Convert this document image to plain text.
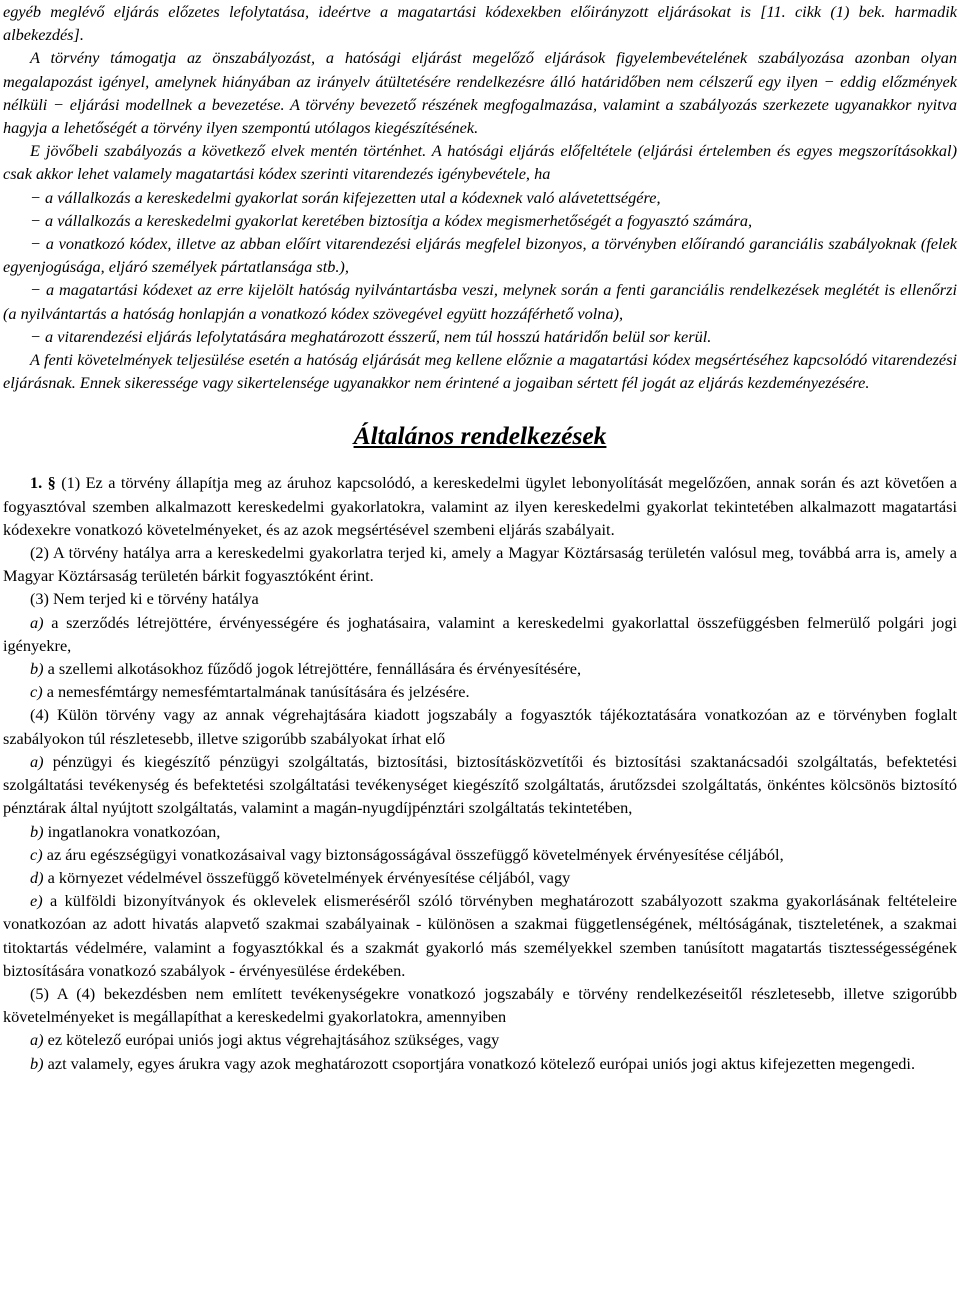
egyéb meglévő eljárás előzetes lefolytatása, ideértve a magatartási kódexekben előirányzott eljárásokat is [11. cikk (1) bek. harmadik albekezdés].

A törvény támogatja az önszabályozást, a hatósági eljárást megelőző eljárások figyelembevételének szabályozása azonban olyan megalapozást igényel, amelynek hiányában az irányelv átültetésére rendelkezésre álló határidőben nem célszerű egy ilyen − eddig előzmények nélküli − eljárási modellnek a bevezetése. A törvény bevezető részének megfogalmazása, valamint a szabályozás szerkezete ugyanakkor nyitva hagyja a lehetőségét a törvény ilyen szempontú utólagos kiegészítésének.

E jövőbeli szabályozás a következő elvek mentén történhet. A hatósági eljárás előfeltétele (eljárási értelemben és egyes megszorításokkal) csak akkor lehet valamely magatartási kódex szerinti vitarendezés igénybevétele, ha

− a vállalkozás a kereskedelmi gyakorlat során kifejezetten utal a kódexnek való alávetettségére,

− a vállalkozás a kereskedelmi gyakorlat keretében biztosítja a kódex megismerhetőségét a fogyasztó számára,

− a vonatkozó kódex, illetve az abban előírt vitarendezési eljárás megfelel bizonyos, a törvényben előírandó garanciális szabályoknak (felek egyenjogúsága, eljáró személyek pártatlansága stb.),

− a magatartási kódexet az erre kijelölt hatóság nyilvántartásba veszi, melynek során a fenti garanciális rendelkezések meglétét is ellenőrzi (a nyilvántartás a hatóság honlapján a vonatkozó kódex szövegével együtt hozzáférhető volna),

− a vitarendezési eljárás lefolytatására meghatározott ésszerű, nem túl hosszú határidőn belül sor kerül.

A fenti követelmények teljesülése esetén a hatóság eljárását meg kellene előznie a magatartási kódex megsértéséhez kapcsolódó vitarendezési eljárásnak. Ennek sikeressége vagy sikertelensége ugyanakkor nem érintené a jogaiban sértett fél jogát az eljárás kezdeményezésére.

Általános rendelkezések

1. § (1) Ez a törvény állapítja meg az áruhoz kapcsolódó, a kereskedelmi ügylet lebonyolítását megelőzően, annak során és azt követően a fogyasztóval szemben alkalmazott kereskedelmi gyakorlatokra, valamint az ilyen kereskedelmi gyakorlat tekintetében alkalmazott magatartási kódexekre vonatkozó követelményeket, és az azok megsértésével szembeni eljárás szabályait.

(2) A törvény hatálya arra a kereskedelmi gyakorlatra terjed ki, amely a Magyar Köztársaság területén valósul meg, továbbá arra is, amely a Magyar Köztársaság területén bárkit fogyasztóként érint.

(3) Nem terjed ki e törvény hatálya

a) a szerződés létrejöttére, érvényességére és joghatásaira, valamint a kereskedelmi gyakorlattal összefüggésben felmerülő polgári jogi igényekre,

b) a szellemi alkotásokhoz fűződő jogok létrejöttére, fennállására és érvényesítésére,

c) a nemesfémtárgy nemesfémtartalmának tanúsítására és jelzésére.

(4) Külön törvény vagy az annak végrehajtására kiadott jogszabály a fogyasztók tájékoztatására vonatkozóan az e törvényben foglalt szabályokon túl részletesebb, illetve szigorúbb szabályokat írhat elő

a) pénzügyi és kiegészítő pénzügyi szolgáltatás, biztosítási, biztosításközvetítői és biztosítási szaktanácsadói szolgáltatás, befektetési szolgáltatási tevékenység és befektetési szolgáltatási tevékenységet kiegészítő szolgáltatás, árutőzsdei szolgáltatás, önkéntes kölcsönös biztosító pénztárak által nyújtott szolgáltatás, valamint a magán-nyugdíjpénztári szolgáltatás tekintetében,

b) ingatlanokra vonatkozóan,

c) az áru egészségügyi vonatkozásaival vagy biztonságosságával összefüggő követelmények érvényesítése céljából,

d) a környezet védelmével összefüggő követelmények érvényesítése céljából, vagy

e) a külföldi bizonyítványok és oklevelek elismeréséről szóló törvényben meghatározott szabályozott szakma gyakorlásának feltételeire vonatkozóan az adott hivatás alapvető szakmai szabályainak - különösen a szakmai függetlenségének, méltóságának, tiszteletének, a szakmai titoktartás védelmére, valamint a fogyasztókkal és a szakmát gyakorló más személyekkel szemben tanúsított magatartás tisztességességének biztosítására vonatkozó szabályok - érvényesülése érdekében.

(5) A (4) bekezdésben nem említett tevékenységekre vonatkozó jogszabály e törvény rendelkezéseitől részletesebb, illetve szigorúbb követelményeket is megállapíthat a kereskedelmi gyakorlatokra, amennyiben

a) ez kötelező európai uniós jogi aktus végrehajtásához szükséges, vagy

b) azt valamely, egyes árukra vagy azok meghatározott csoportjára vonatkozó kötelező európai uniós jogi aktus kifejezetten megengedi.
